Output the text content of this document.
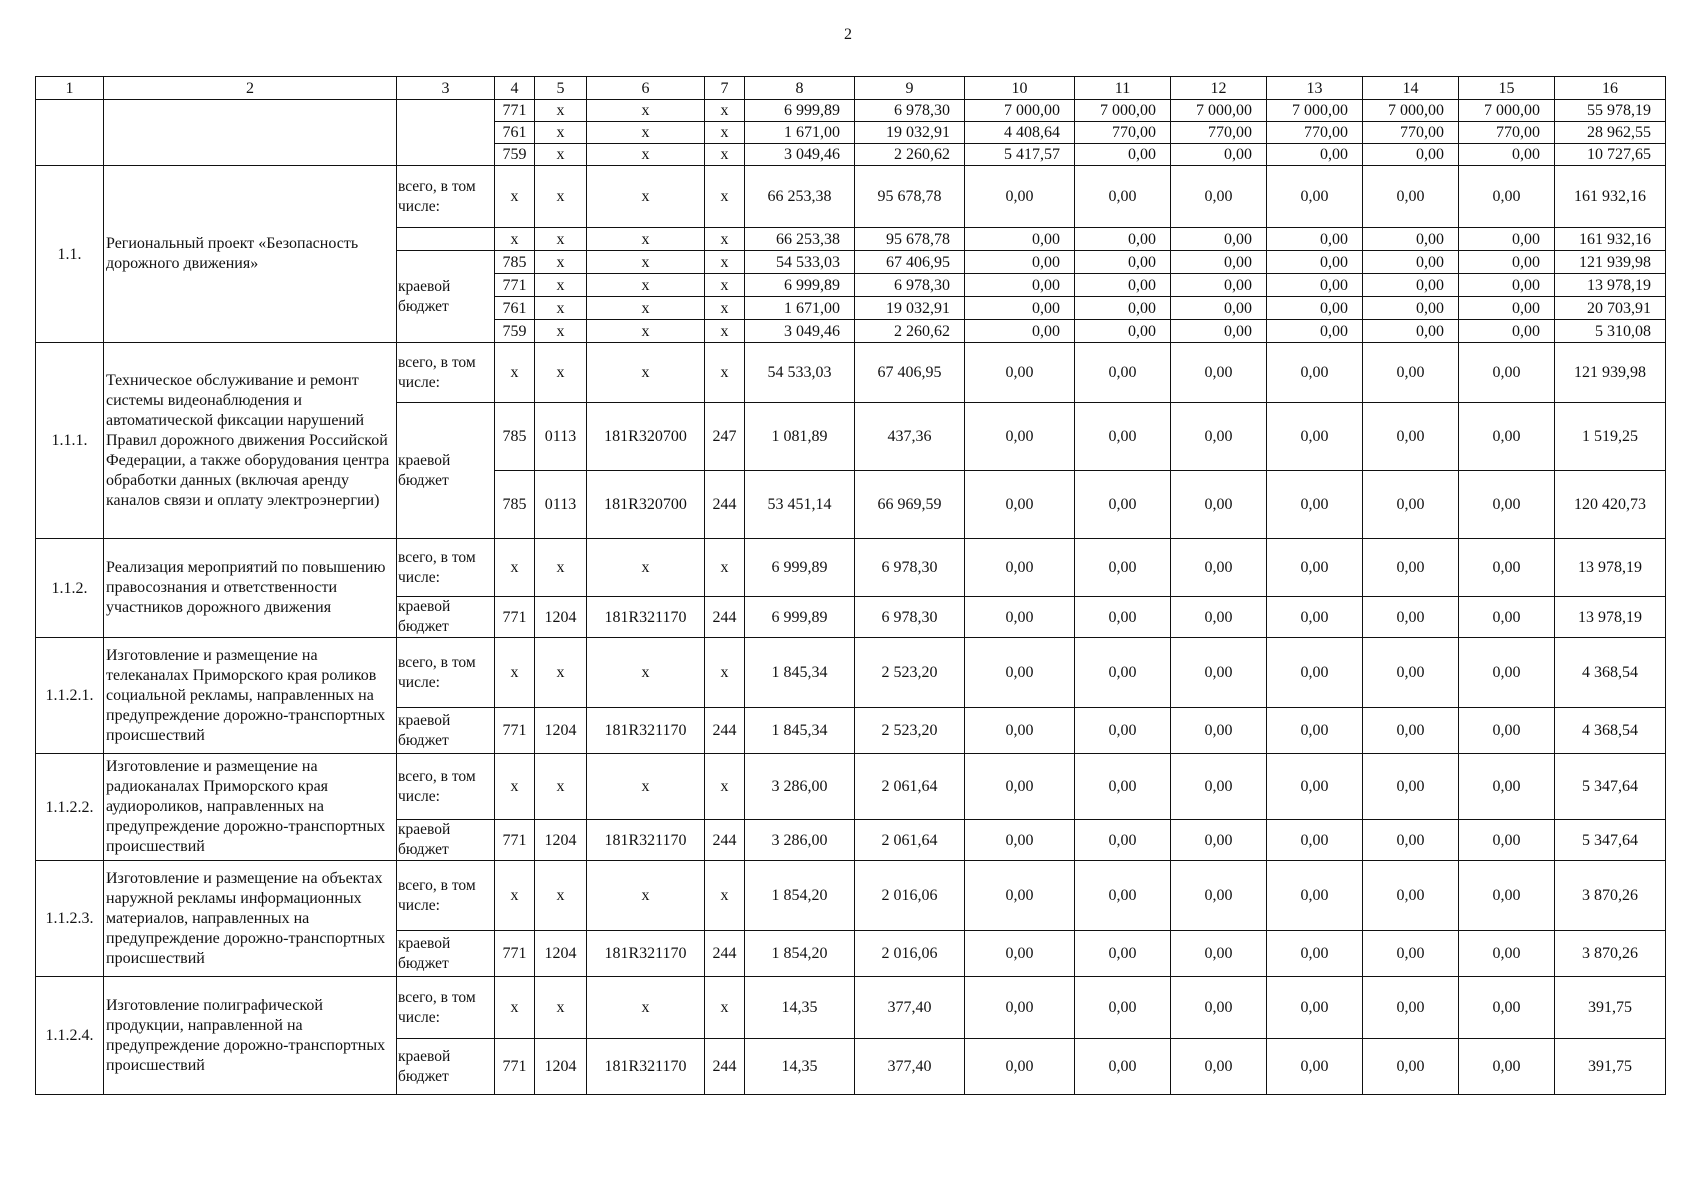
2
1	2	3	4	5	6	7	8	9	10	11	12	13	14	15	16
			771	x	x	x	6 999,89	6 978,30	7 000,00	7 000,00	7 000,00	7 000,00	7 000,00	7 000,00	55 978,19
			761	x	x	x	1 671,00	19 032,91	4 408,64	770,00	770,00	770,00	770,00	770,00	28 962,55
			759	x	x	x	3 049,46	2 260,62	5 417,57	0,00	0,00	0,00	0,00	0,00	10 727,65
1.1.	Региональный проект «Безопасность дорожного движения»	всего, в том числе:	x	x	x	x	66 253,38	95 678,78	0,00	0,00	0,00	0,00	0,00	0,00	161 932,16
			x	x	x	x	66 253,38	95 678,78	0,00	0,00	0,00	0,00	0,00	0,00	161 932,16
		краевой бюджет	785	x	x	x	54 533,03	67 406,95	0,00	0,00	0,00	0,00	0,00	0,00	121 939,98
			771	x	x	x	6 999,89	6 978,30	0,00	0,00	0,00	0,00	0,00	0,00	13 978,19
			761	x	x	x	1 671,00	19 032,91	0,00	0,00	0,00	0,00	0,00	0,00	20 703,91
			759	x	x	x	3 049,46	2 260,62	0,00	0,00	0,00	0,00	0,00	0,00	5 310,08
1.1.1.	Техническое обслуживание и ремонт системы видеонаблюдения и автоматической фиксации нарушений Правил дорожного движения Российской Федерации, а также оборудования центра обработки данных (включая аренду каналов связи и оплату электроэнергии)	всего, в том числе:	x	x	x	x	54 533,03	67 406,95	0,00	0,00	0,00	0,00	0,00	0,00	121 939,98
		краевой бюджет	785	0113	181R320700	247	1 081,89	437,36	0,00	0,00	0,00	0,00	0,00	0,00	1 519,25
			785	0113	181R320700	244	53 451,14	66 969,59	0,00	0,00	0,00	0,00	0,00	0,00	120 420,73
1.1.2.	Реализация мероприятий по повышению правосознания и ответственности участников дорожного движения	всего, в том числе:	x	x	x	x	6 999,89	6 978,30	0,00	0,00	0,00	0,00	0,00	0,00	13 978,19
		краевой бюджет	771	1204	181R321170	244	6 999,89	6 978,30	0,00	0,00	0,00	0,00	0,00	0,00	13 978,19
1.1.2.1.	Изготовление и размещение на телеканалах Приморского края роликов социальной рекламы, направленных на предупреждение дорожно-транспортных происшествий	всего, в том числе:	x	x	x	x	1 845,34	2 523,20	0,00	0,00	0,00	0,00	0,00	0,00	4 368,54
		краевой бюджет	771	1204	181R321170	244	1 845,34	2 523,20	0,00	0,00	0,00	0,00	0,00	0,00	4 368,54
1.1.2.2.	Изготовление и размещение на радиоканалах Приморского края аудиороликов, направленных на предупреждение дорожно-транспортных происшествий	всего, в том числе:	x	x	x	x	3 286,00	2 061,64	0,00	0,00	0,00	0,00	0,00	0,00	5 347,64
		краевой бюджет	771	1204	181R321170	244	3 286,00	2 061,64	0,00	0,00	0,00	0,00	0,00	0,00	5 347,64
1.1.2.3.	Изготовление и размещение на объектах наружной рекламы информационных материалов, направленных на предупреждение дорожно-транспортных происшествий	всего, в том числе:	x	x	x	x	1 854,20	2 016,06	0,00	0,00	0,00	0,00	0,00	0,00	3 870,26
		краевой бюджет	771	1204	181R321170	244	1 854,20	2 016,06	0,00	0,00	0,00	0,00	0,00	0,00	3 870,26
1.1.2.4.	Изготовление полиграфической продукции, направленной на предупреждение дорожно-транспортных происшествий	всего, в том числе:	x	x	x	x	14,35	377,40	0,00	0,00	0,00	0,00	0,00	0,00	391,75
		краевой бюджет	771	1204	181R321170	244	14,35	377,40	0,00	0,00	0,00	0,00	0,00	0,00	391,75
